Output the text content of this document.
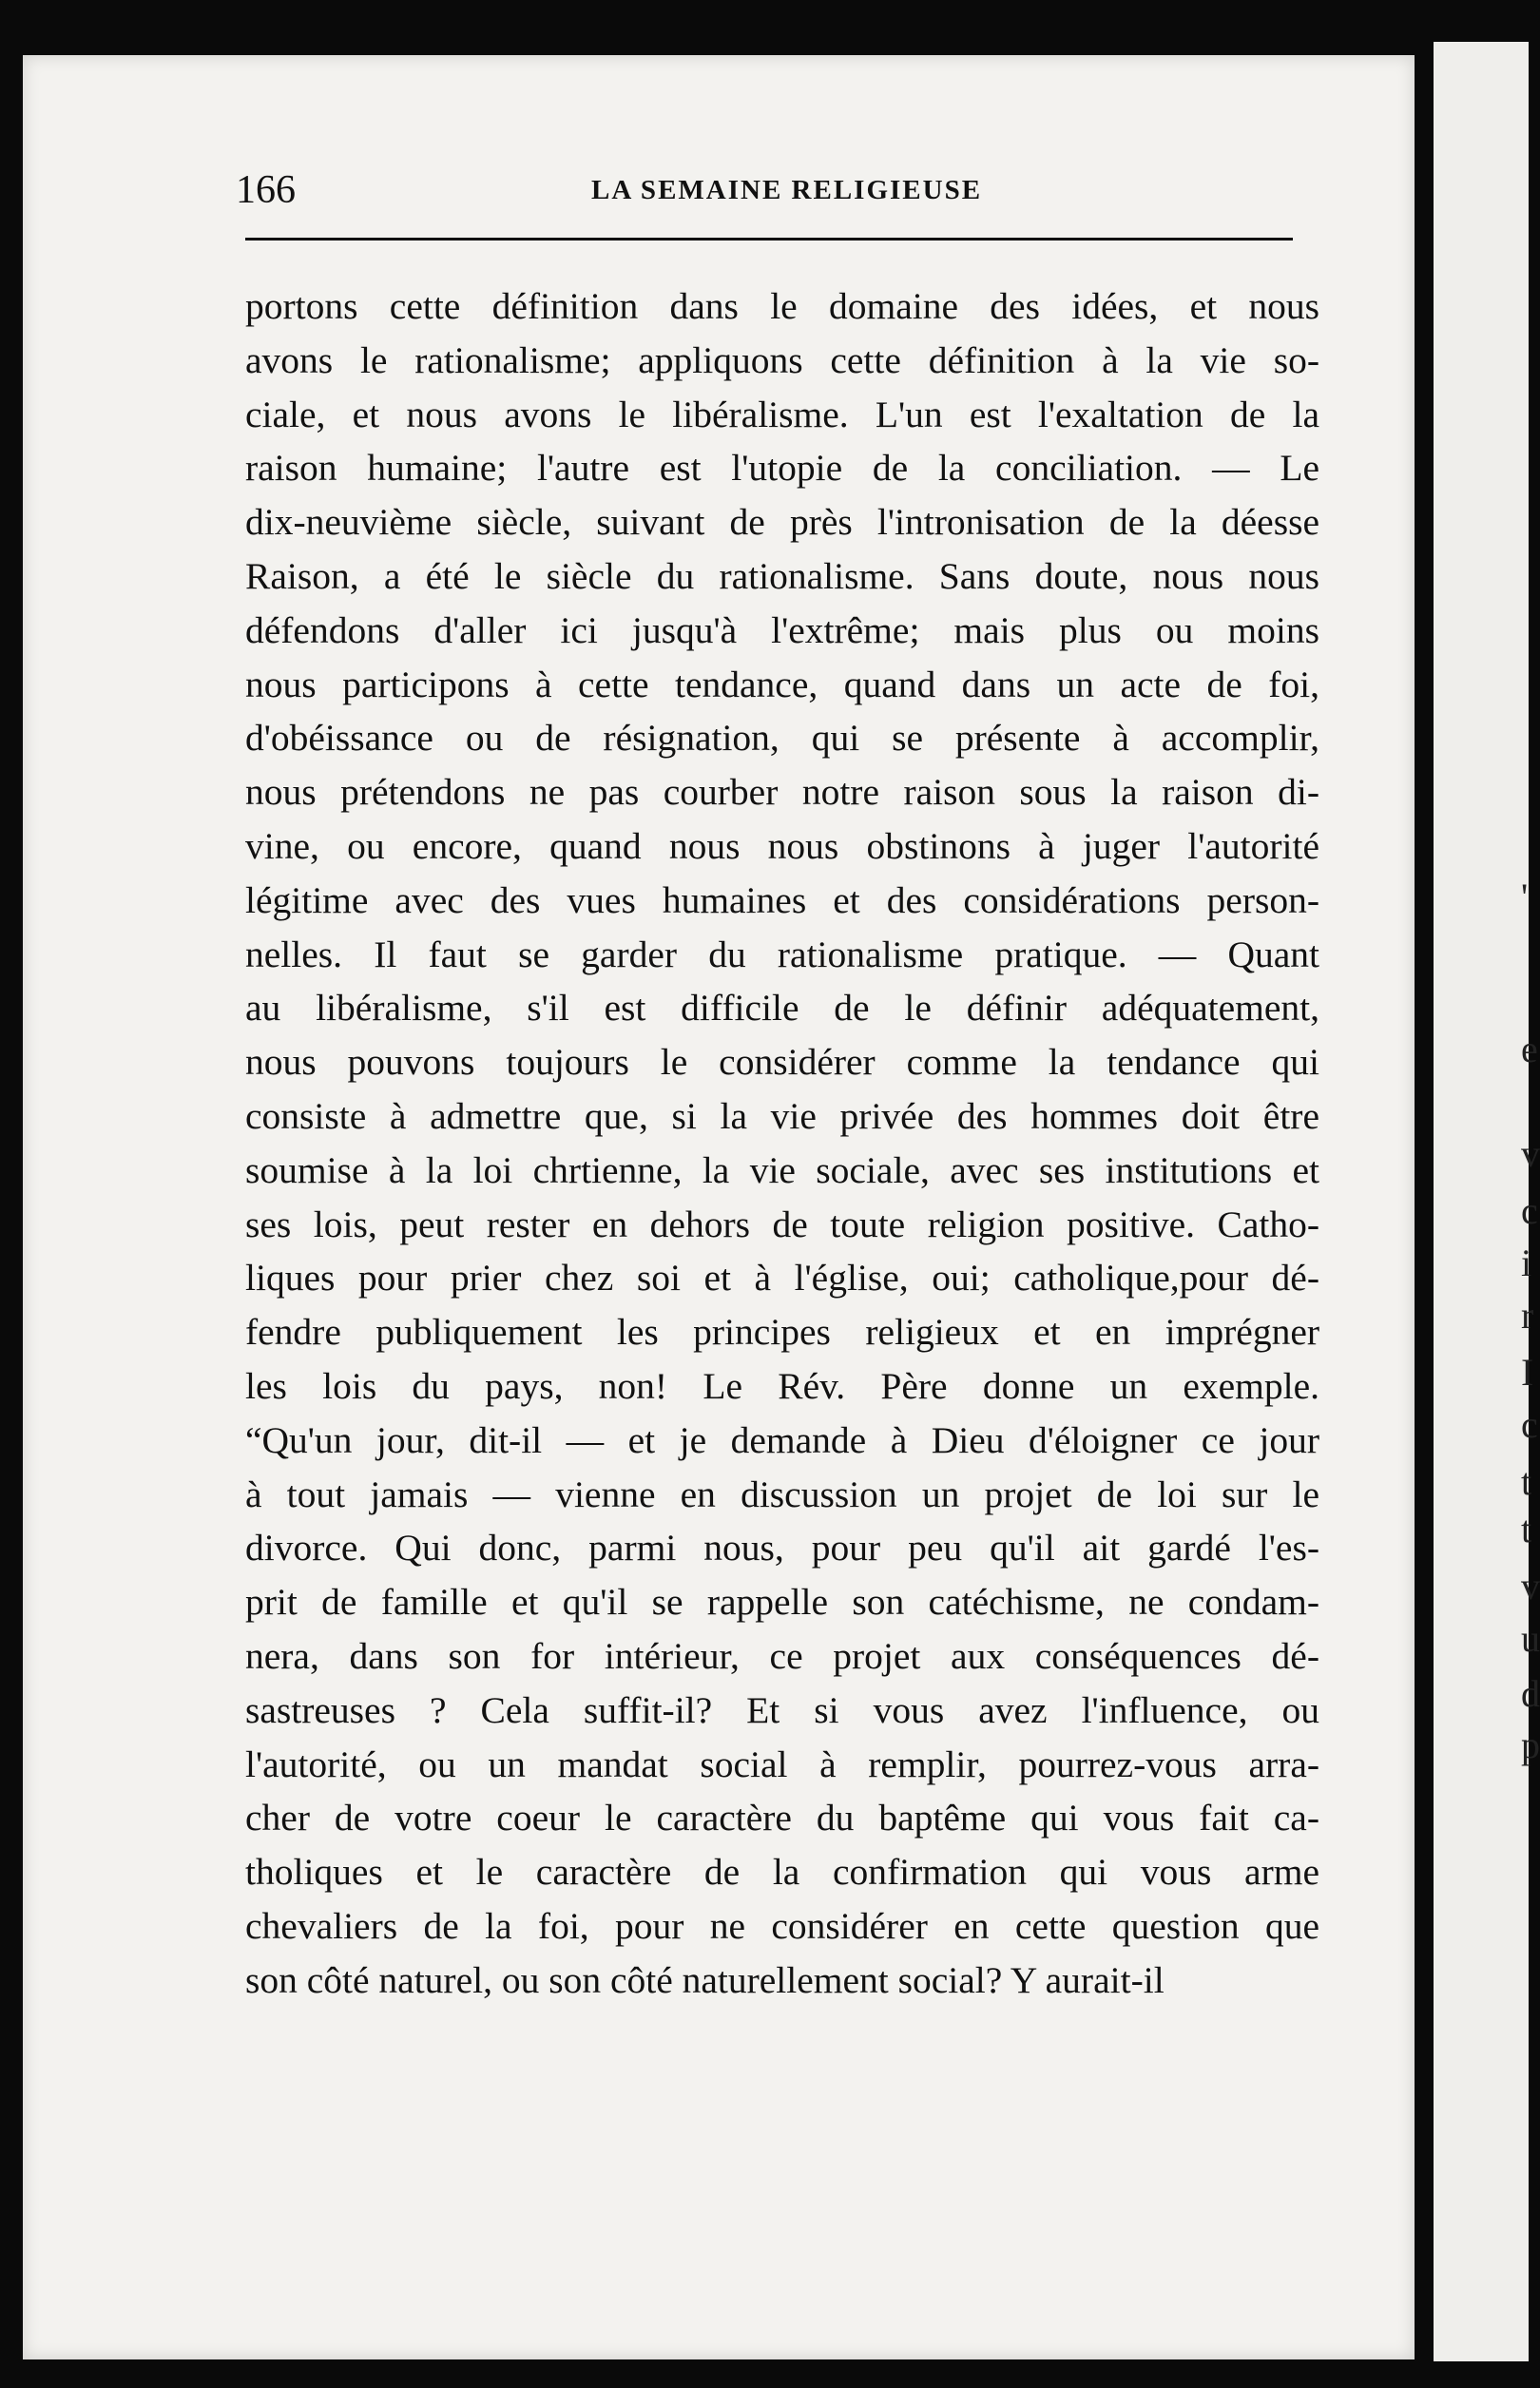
'
e
v
c
i
r
I
c
t
t
v
u
d
p
166	LA SEMAINE RELIGIEUSE
portons cette définition dans le domaine des idées, et nous
avons le rationalisme; appliquons cette définition à la vie so-
ciale, et nous avons le libéralisme. L'un est l'exaltation de la
raison humaine; l'autre est l'utopie de la conciliation. — Le
dix-neuvième siècle, suivant de près l'intronisation de la déesse
Raison, a été le siècle du rationalisme. Sans doute, nous nous
défendons d'aller ici jusqu'à l'extrême; mais plus ou moins
nous participons à cette tendance, quand dans un acte de foi,
d'obéissance ou de résignation, qui se présente à accomplir,
nous prétendons ne pas courber notre raison sous la raison di-
vine, ou encore, quand nous nous obstinons à juger l'autorité
légitime avec des vues humaines et des considérations person-
nelles. Il faut se garder du rationalisme pratique. — Quant
au libéralisme, s'il est difficile de le définir adéquatement,
nous pouvons toujours le considérer comme la tendance qui
consiste à admettre que, si la vie privée des hommes doit être
soumise à la loi chrtienne, la vie sociale, avec ses institutions et
ses lois, peut rester en dehors de toute religion positive. Catho-
liques pour prier chez soi et à l'église, oui; catholique,pour dé-
fendre publiquement les principes religieux et en imprégner
les lois du pays, non! Le Rév. Père donne un exemple.
“Qu'un jour, dit-il — et je demande à Dieu d'éloigner ce jour
à tout jamais — vienne en discussion un projet de loi sur le
divorce. Qui donc, parmi nous, pour peu qu'il ait gardé l'es-
prit de famille et qu'il se rappelle son catéchisme, ne condam-
nera, dans son for intérieur, ce projet aux conséquences dé-
sastreuses ? Cela suffit-il? Et si vous avez l'influence, ou
l'autorité, ou un mandat social à remplir, pourrez-vous arra-
cher de votre coeur le caractère du baptême qui vous fait ca-
tholiques et le caractère de la confirmation qui vous arme
chevaliers de la foi, pour ne considérer en cette question que
son côté naturel, ou son côté naturellement social? Y aurait-il
